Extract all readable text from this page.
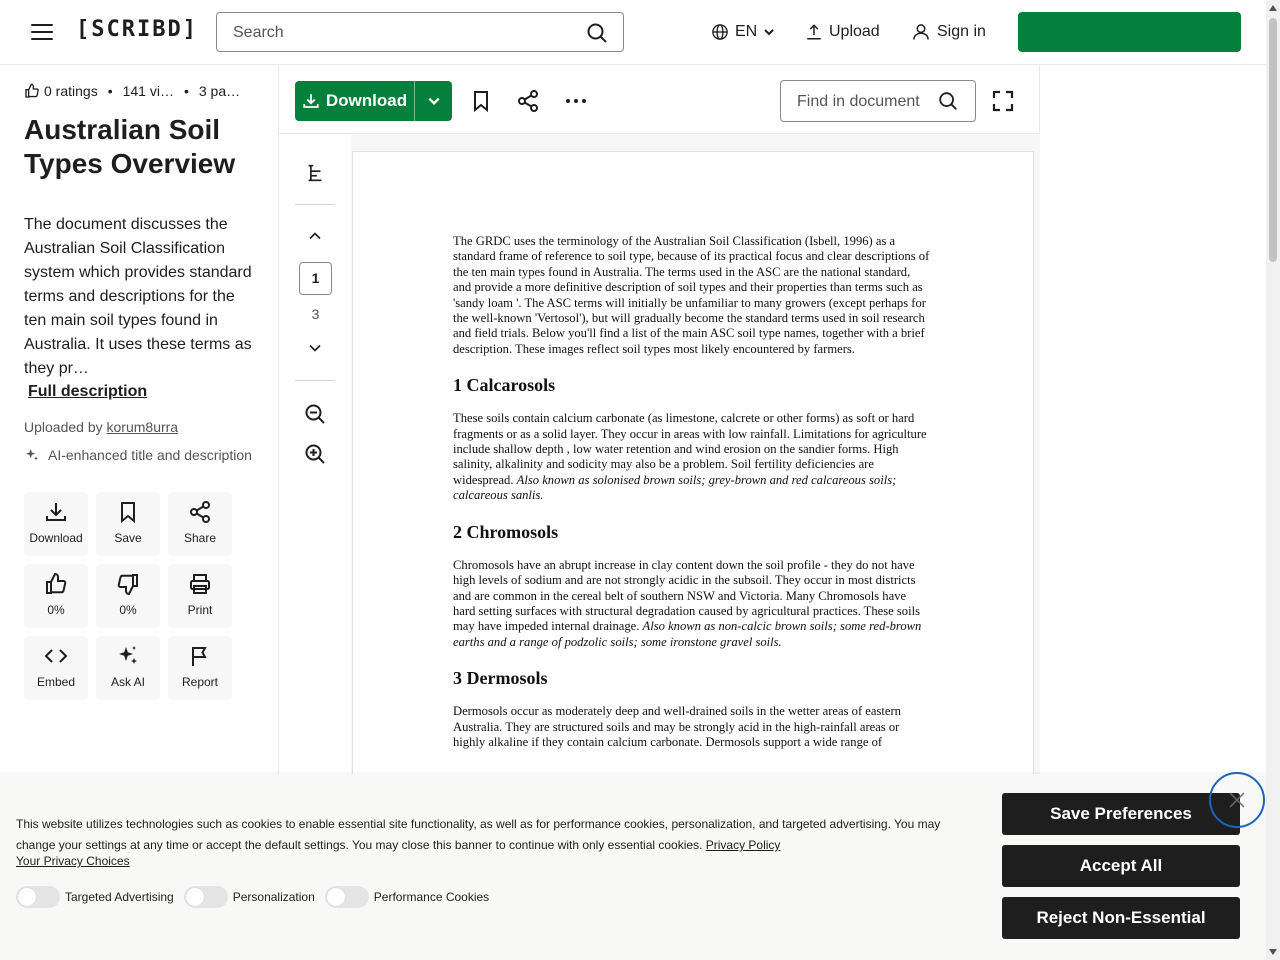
[SCRIBD]
Search	EN	Upload	Sign in
0 ratings • 141 vi… • 3 pa…
Australian Soil Types Overview
The document discusses the Australian Soil Classification system which provides standard terms and descriptions for the ten main soil types found in Australia. It uses these terms as they pr…
Full description
Uploaded by korum8urra
AI-enhanced title and description
Download	Save	Share
0%	0%	Print
Embed	Ask AI	Report
Download
Find in document
1
3

The GRDC uses the terminology of the Australian Soil Classification (Isbell, 1996) as a standard frame of reference to soil type, because of its practical focus and clear descriptions of the ten main types found in Australia. The terms used in the ASC are the national standard, and provide a more definitive description of soil types and their properties than terms such as 'sandy loam '. The ASC terms will initially be unfamiliar to many growers (except perhaps for the well-known 'Vertosol'), but will gradually become the standard terms used in soil research and field trials. Below you'll find a list of the main ASC soil type names, together with a brief description. These images reflect soil types most likely encountered by farmers.

1 Calcarosols

These soils contain calcium carbonate (as limestone, calcrete or other forms) as soft or hard fragments or as a solid layer. They occur in areas with low rainfall. Limitations for agriculture include shallow depth , low water retention and wind erosion on the sandier forms. High salinity, alkalinity and sodicity may also be a problem. Soil fertility deficiencies are widespread. Also known as solonised brown soils; grey-brown and red calcareous soils; calcareous sanlis.

2 Chromosols

Chromosols have an abrupt increase in clay content down the soil profile - they do not have high levels of sodium and are not strongly acidic in the subsoil. They occur in most districts and are common in the cereal belt of southern NSW and Victoria. Many Chromosols have hard setting surfaces with structural degradation caused by agricultural practices. These soils may have impeded internal drainage. Also known as non-calcic brown soils; some red-brown earths and a range of podzolic soils; some ironstone gravel soils.

3 Dermosols

Dermosols occur as moderately deep and well-drained soils in the wetter areas of eastern Australia. They are structured soils and may be strongly acid in the high-rainfall areas or highly alkaline if they contain calcium carbonate. Dermosols support a wide range of

This website utilizes technologies such as cookies to enable essential site functionality, as well as for performance cookies, personalization, and targeted advertising. You may change your settings at any time or accept the default settings. You may close this banner to continue with only essential cookies. Privacy Policy
Your Privacy Choices
Targeted Advertising	Personalization	Performance Cookies
Save Preferences
Accept All
Reject Non-Essential
